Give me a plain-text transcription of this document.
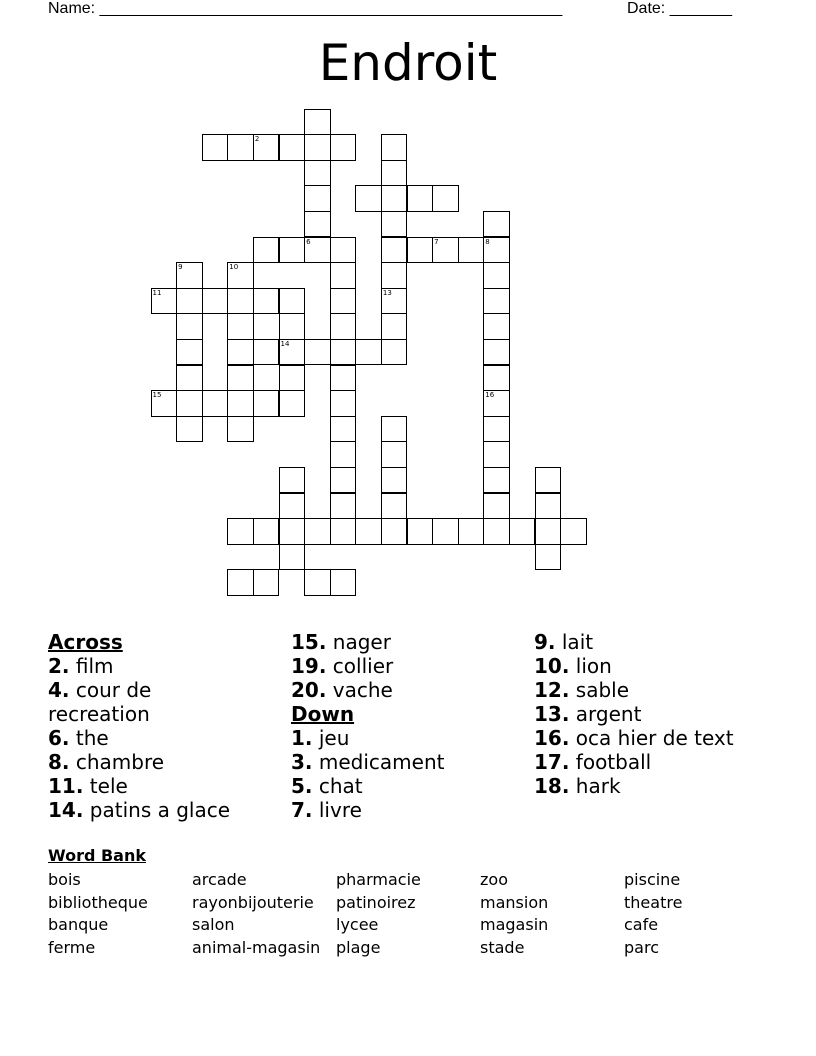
Name: ____________________________________________________	Date: _______
Endroit
6
2
13
8
16
7
9	10
11
14
15
Across
2. film
4. cour de
recreation
6. the
8. chambre
11. tele
14. patins a glace
15. nager
19. collier
20. vache
Down
1. jeu
3. medicament
5. chat
7. livre
9. lait
10. lion
12. sable
13. argent
16. oca hier de text
17. football
18. hark
Word Bank
bois
bibliotheque
banque
ferme
arcade
rayonbijouterie
salon
animal-magasin
pharmacie
patinoirez
lycee
plage
zoo
mansion
magasin
stade
piscine
theatre
cafe
parc
